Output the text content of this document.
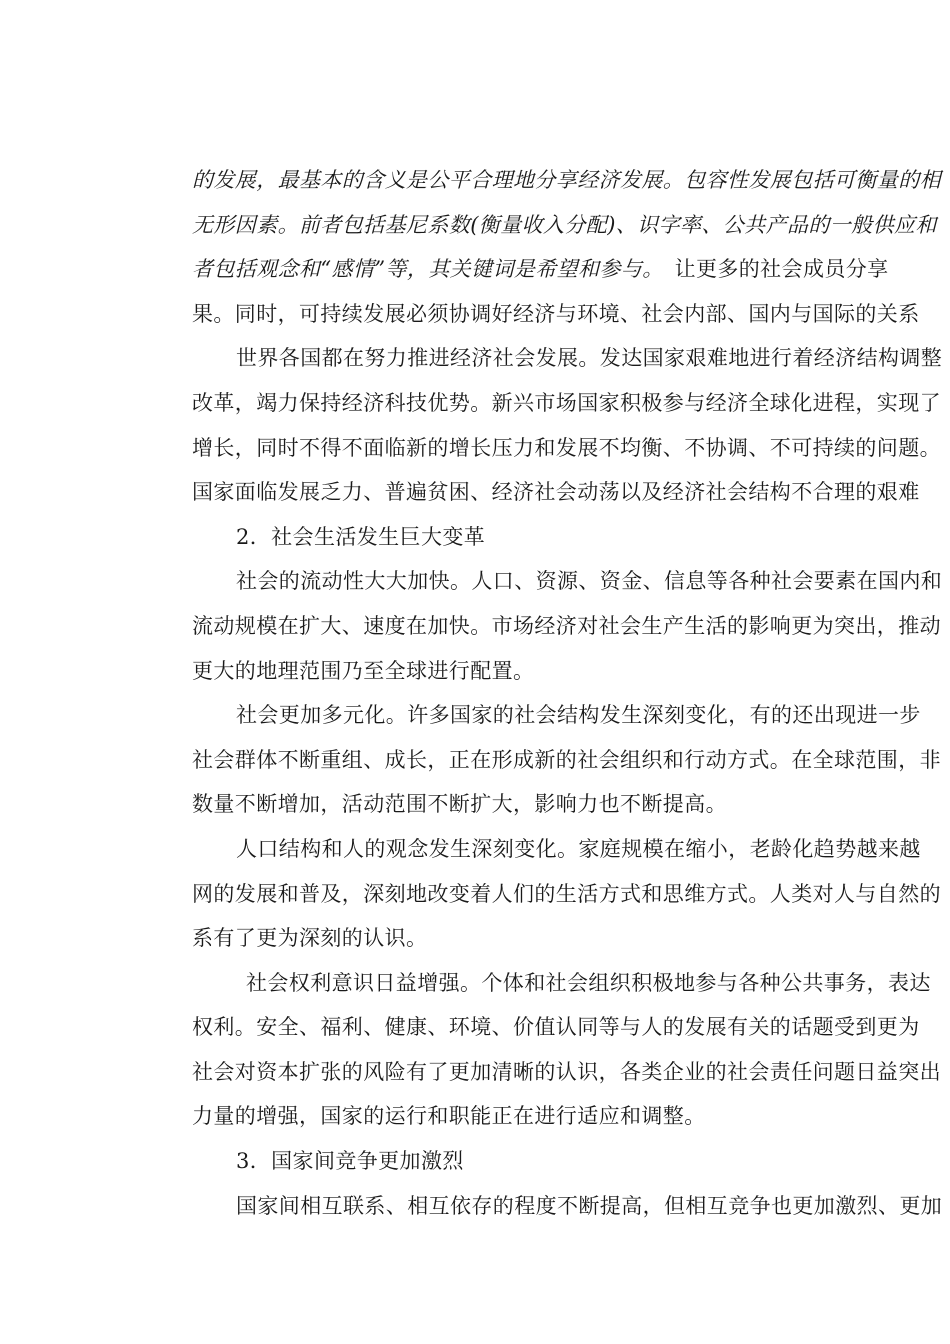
的发展，最基本的含义是公平合理地分享经济发展。包容性发展包括可衡量的相
无形因素。前者包括基尼系数(衡量收入分配)、识字率、公共产品的一般供应和
者包括观念和“感情”等，其关键词是希望和参与。　让更多的社会成员分享
果。同时，可持续发展必须协调好经济与环境、社会内部、国内与国际的关系
世界各国都在努力推进经济社会发展。发达国家艰难地进行着经济结构调整
改革，竭力保持经济科技优势。新兴市场国家积极参与经济全球化进程，实现了
增长，同时不得不面临新的增长压力和发展不均衡、不协调、不可持续的问题。
国家面临发展乏力、普遍贫困、经济社会动荡以及经济社会结构不合理的艰难
2．社会生活发生巨大变革
社会的流动性大大加快。人口、资源、资金、信息等各种社会要素在国内和
流动规模在扩大、速度在加快。市场经济对社会生产生活的影响更为突出，推动
更大的地理范围乃至全球进行配置。
社会更加多元化。许多国家的社会结构发生深刻变化，有的还出现进一步
社会群体不断重组、成长，正在形成新的社会组织和行动方式。在全球范围，非
数量不断增加，活动范围不断扩大，影响力也不断提高。
人口结构和人的观念发生深刻变化。家庭规模在缩小，老龄化趋势越来越
网的发展和普及，深刻地改变着人们的生活方式和思维方式。人类对人与自然的
系有了更为深刻的认识。
社会权利意识日益增强。个体和社会组织积极地参与各种公共事务，表达
权利。安全、福利、健康、环境、价值认同等与人的发展有关的话题受到更为
社会对资本扩张的风险有了更加清晰的认识，各类企业的社会责任问题日益突出
力量的增强，国家的运行和职能正在进行适应和调整。
3．国家间竞争更加激烈
国家间相互联系、相互依存的程度不断提高，但相互竞争也更加激烈、更加
